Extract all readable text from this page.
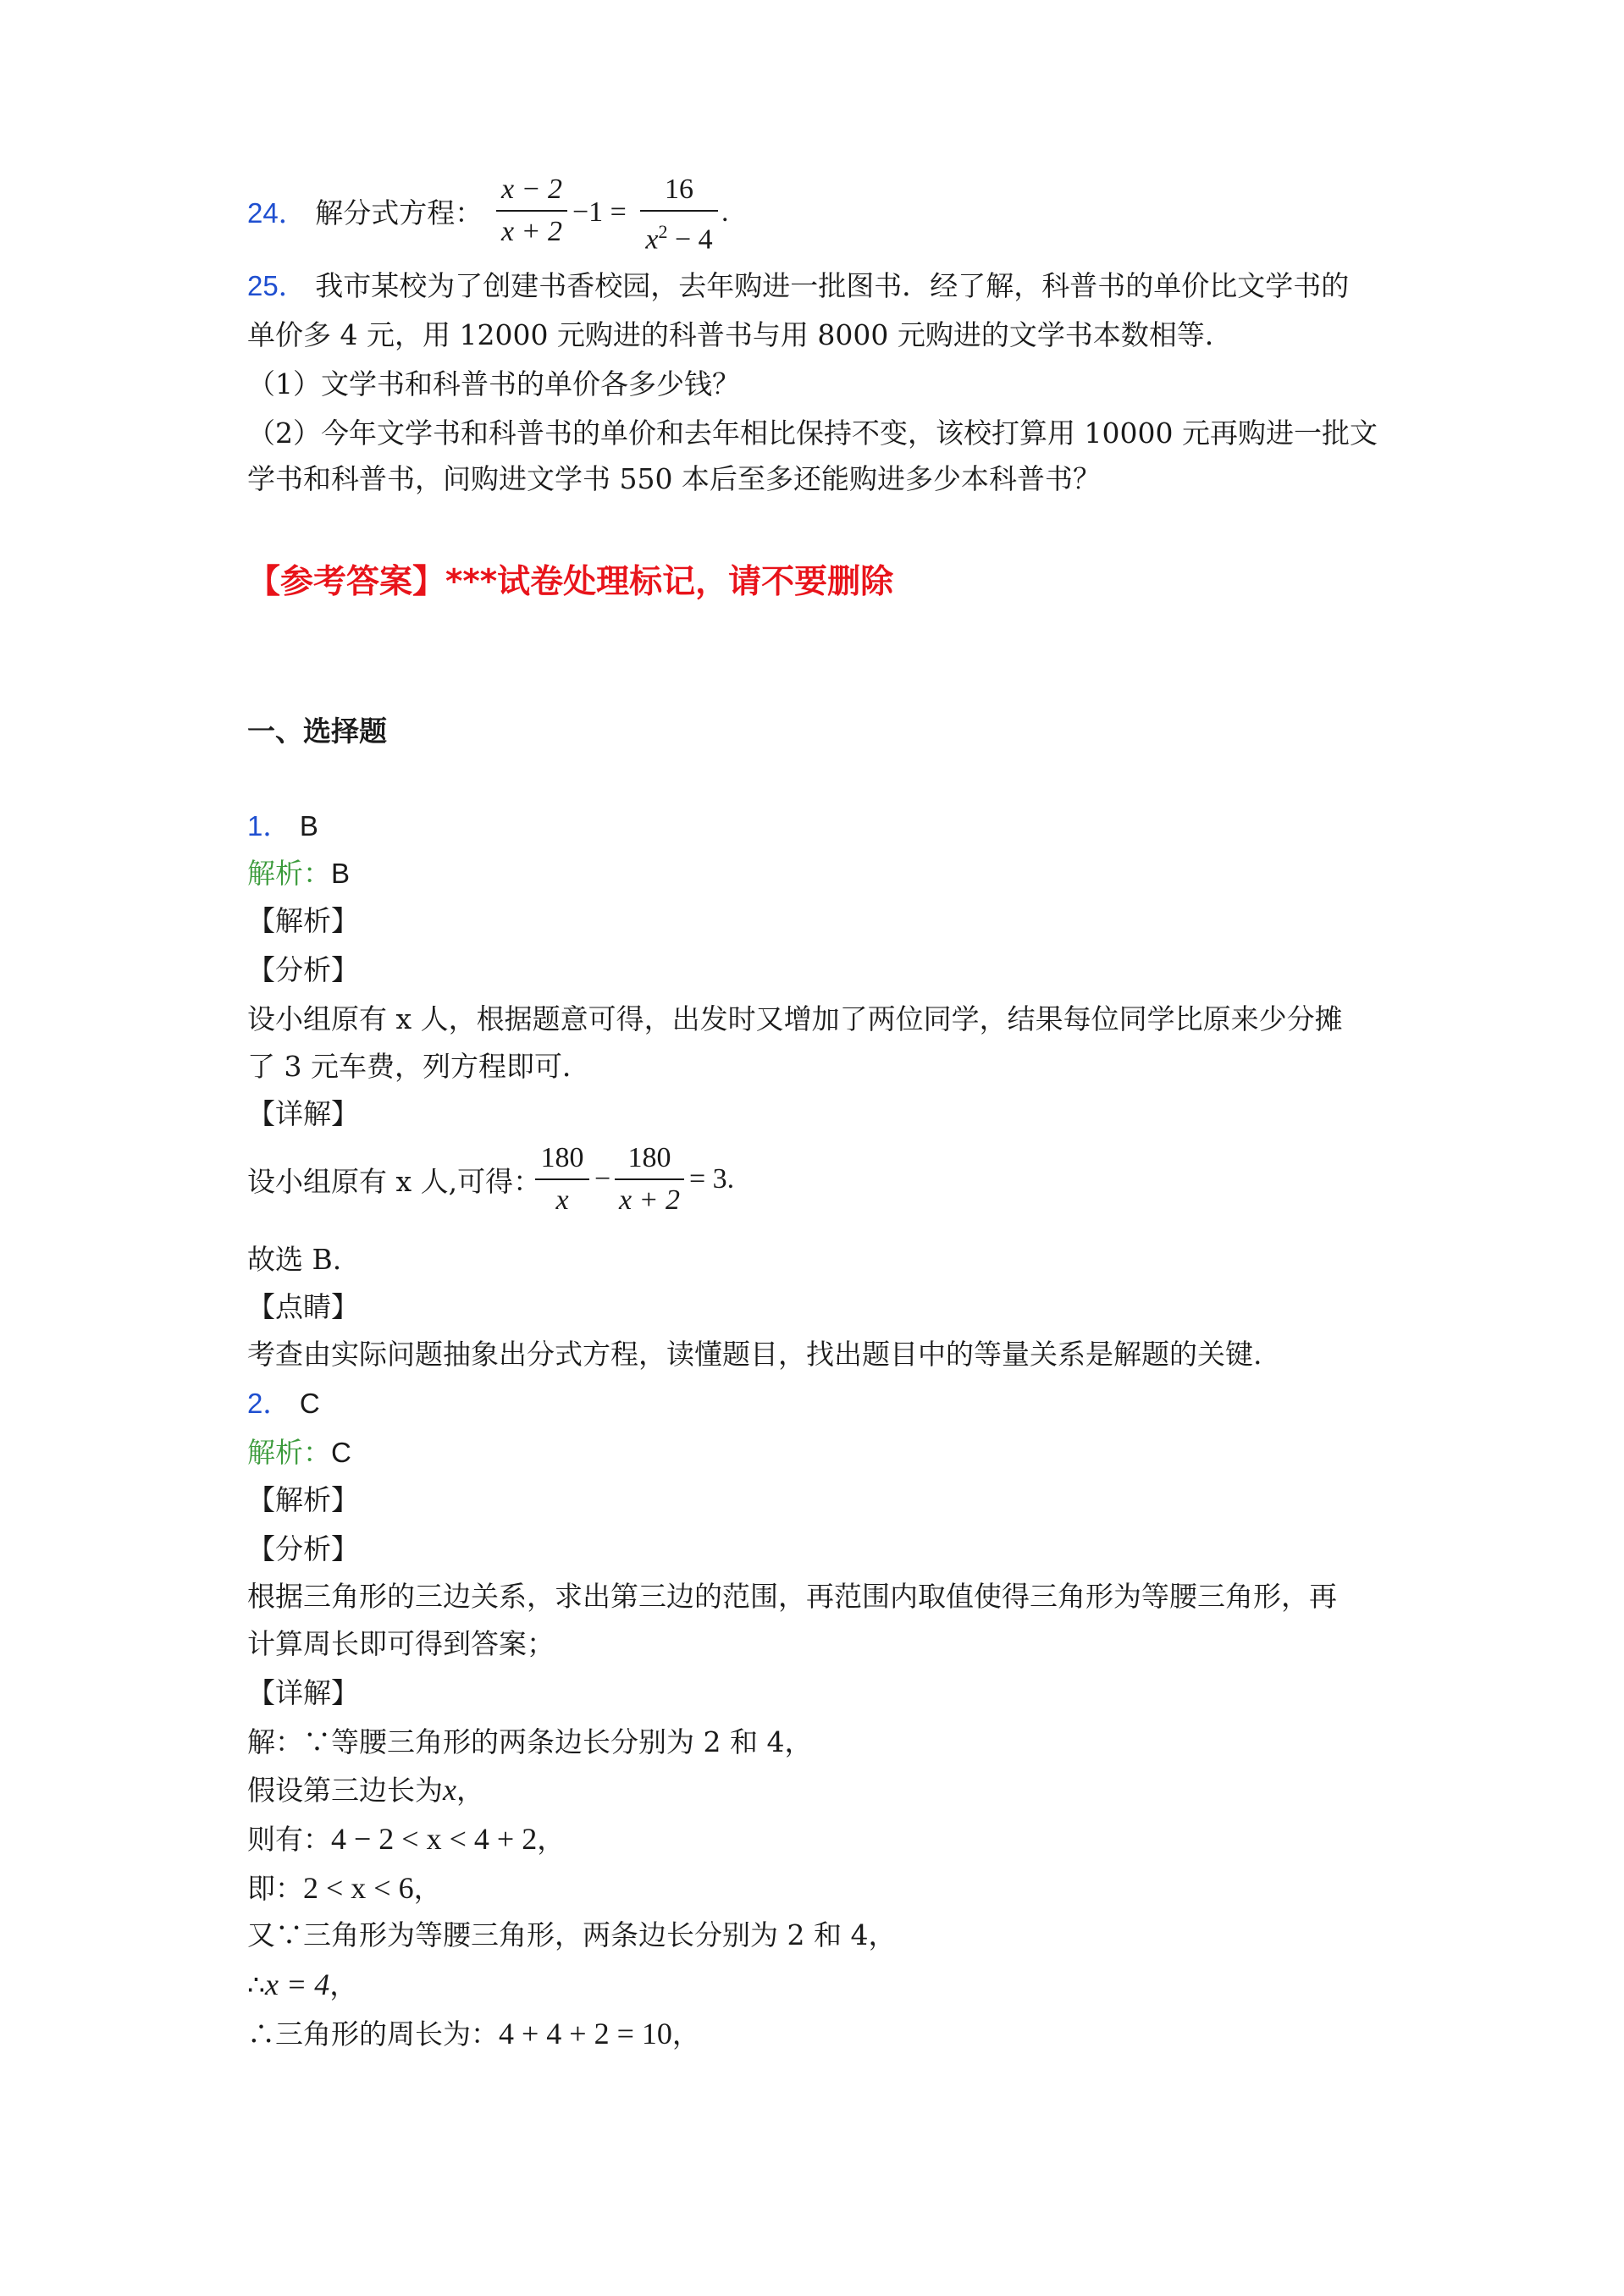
24． 解分式方程：
x − 2
x + 2
−1 =
16
$x^2 - 4$
.
25． 我市某校为了创建书香校园，去年购进一批图书．经了解，科普书的单价比文学书的
单价多 4 元，用 12000 元购进的科普书与用 8000 元购进的文学书本数相等．
（1）文学书和科普书的单价各多少钱？
（2）今年文学书和科普书的单价和去年相比保持不变，该校打算用 10000 元再购进一批文
学书和科普书，问购进文学书 550 本后至多还能购进多少本科普书？
【参考答案】***试卷处理标记，请不要删除
一、选择题
1． B
解析：B
【解析】
【分析】
设小组原有 x 人，根据题意可得，出发时又增加了两位同学，结果每位同学比原来少分摊
了 3 元车费，列方程即可．
【详解】
设小组原有 x 人,可得：
180
x
−
180
x + 2
= 3.
故选 B.
【点睛】
考查由实际问题抽象出分式方程，读懂题目，找出题目中的等量关系是解题的关键.
2． C
解析：C
【解析】
【分析】
根据三角形的三边关系，求出第三边的范围，再范围内取值使得三角形为等腰三角形，再
计算周长即可得到答案；
【详解】
解：∵等腰三角形的两条边长分别为 2 和 4，
假设第三边长为x，
则有：4 − 2 < x < 4 + 2，
即：2 < x < 6，
又∵三角形为等腰三角形，两条边长分别为 2 和 4，
∴x = 4，
∴三角形的周长为：4 + 4 + 2 = 10，
